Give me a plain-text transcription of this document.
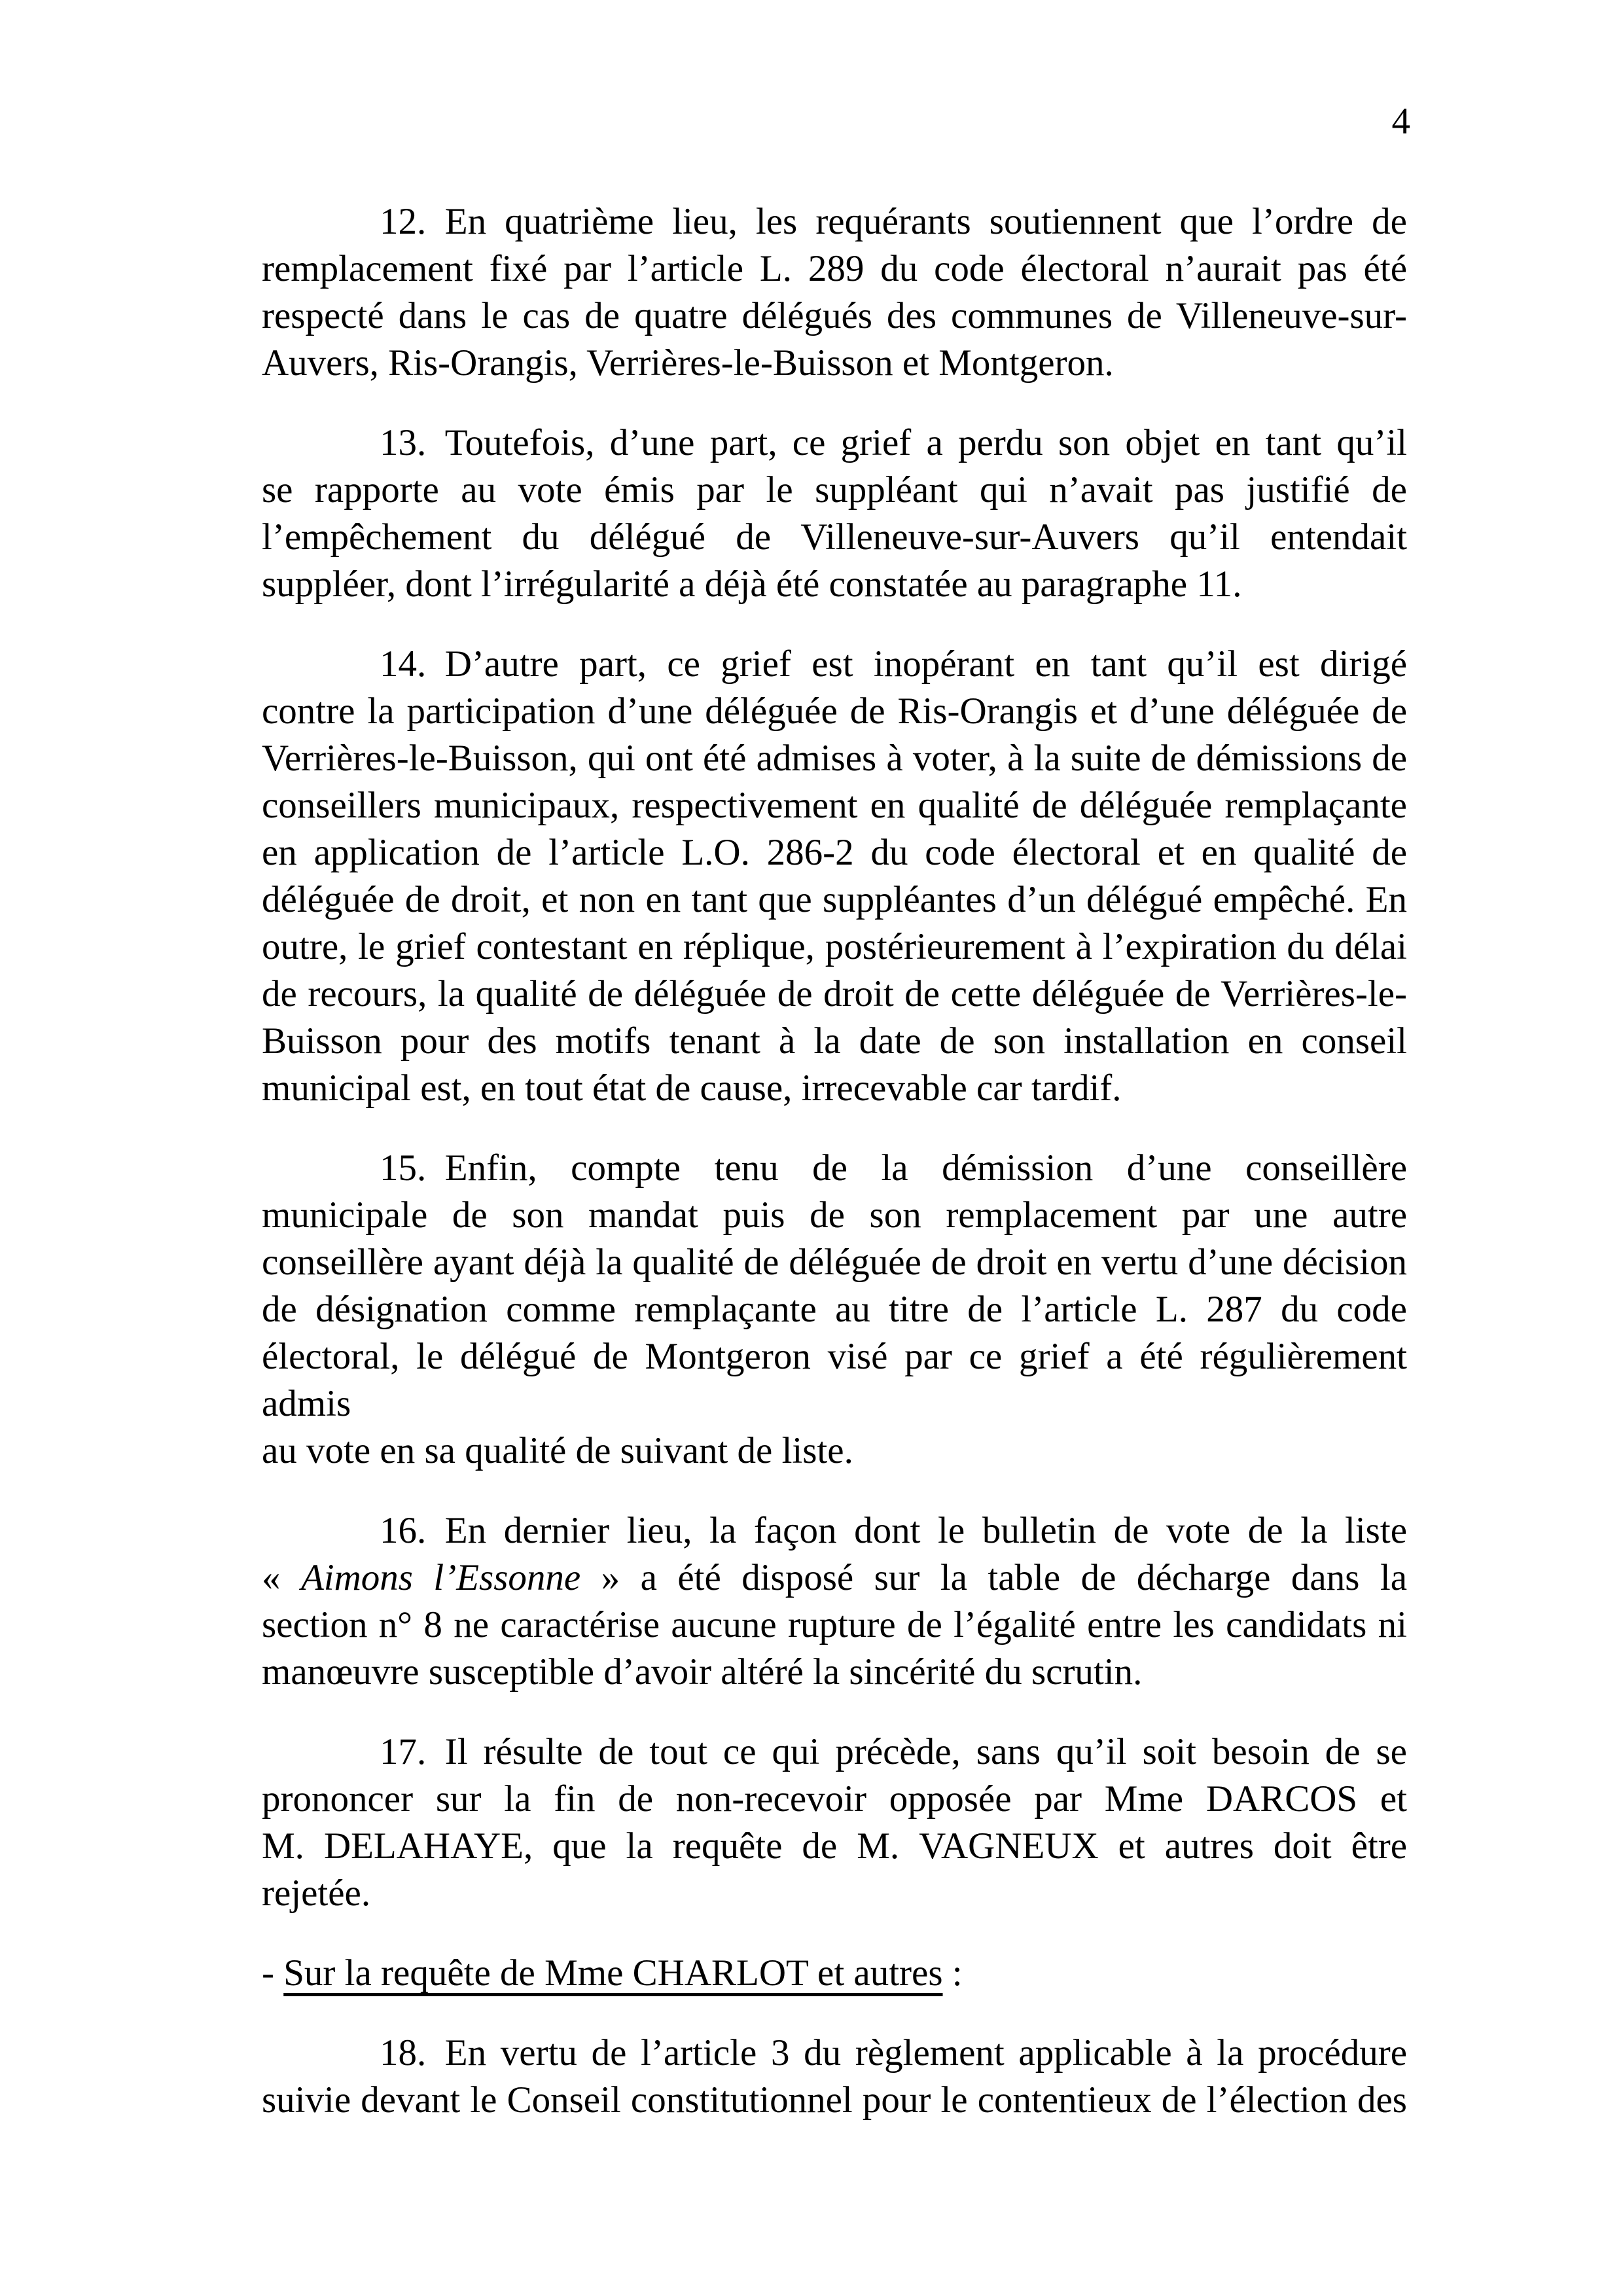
4
12. En quatrième lieu, les requérants soutiennent que l’ordre de
remplacement fixé par l’article L. 289 du code électoral n’aurait pas été
respecté dans le cas de quatre délégués des communes de Villeneuve-sur-
Auvers, Ris-Orangis, Verrières-le-Buisson et Montgeron.
13. Toutefois, d’une part, ce grief a perdu son objet en tant qu’il
se rapporte au vote émis par le suppléant qui n’avait pas justifié de
l’empêchement du délégué de Villeneuve-sur-Auvers qu’il entendait
suppléer, dont l’irrégularité a déjà été constatée au paragraphe 11.
14. D’autre part, ce grief est inopérant en tant qu’il est dirigé
contre la participation d’une déléguée de Ris-Orangis et d’une déléguée de
Verrières-le-Buisson, qui ont été admises à voter, à la suite de démissions de
conseillers municipaux, respectivement en qualité de déléguée remplaçante
en application de l’article L.O. 286-2 du code électoral et en qualité de
déléguée de droit, et non en tant que suppléantes d’un délégué empêché. En
outre, le grief contestant en réplique, postérieurement à l’expiration du délai
de recours, la qualité de déléguée de droit de cette déléguée de Verrières-le-
Buisson pour des motifs tenant à la date de son installation en conseil
municipal est, en tout état de cause, irrecevable car tardif.
15. Enfin, compte tenu de la démission d’une conseillère
municipale de son mandat puis de son remplacement par une autre
conseillère ayant déjà la qualité de déléguée de droit en vertu d’une décision
de désignation comme remplaçante au titre de l’article L. 287 du code
électoral, le délégué de Montgeron visé par ce grief a été régulièrement admis
au vote en sa qualité de suivant de liste.
16. En dernier lieu, la façon dont le bulletin de vote de la liste
« Aimons l’Essonne » a été disposé sur la table de décharge dans la
section n° 8 ne caractérise aucune rupture de l’égalité entre les candidats ni
manœuvre susceptible d’avoir altéré la sincérité du scrutin.
17. Il résulte de tout ce qui précède, sans qu’il soit besoin de se
prononcer sur la fin de non-recevoir opposée par Mme DARCOS et
M. DELAHAYE, que la requête de M. VAGNEUX et autres doit être
rejetée.
- Sur la requête de Mme CHARLOT et autres :
18. En vertu de l’article 3 du règlement applicable à la procédure
suivie devant le Conseil constitutionnel pour le contentieux de l’élection des
